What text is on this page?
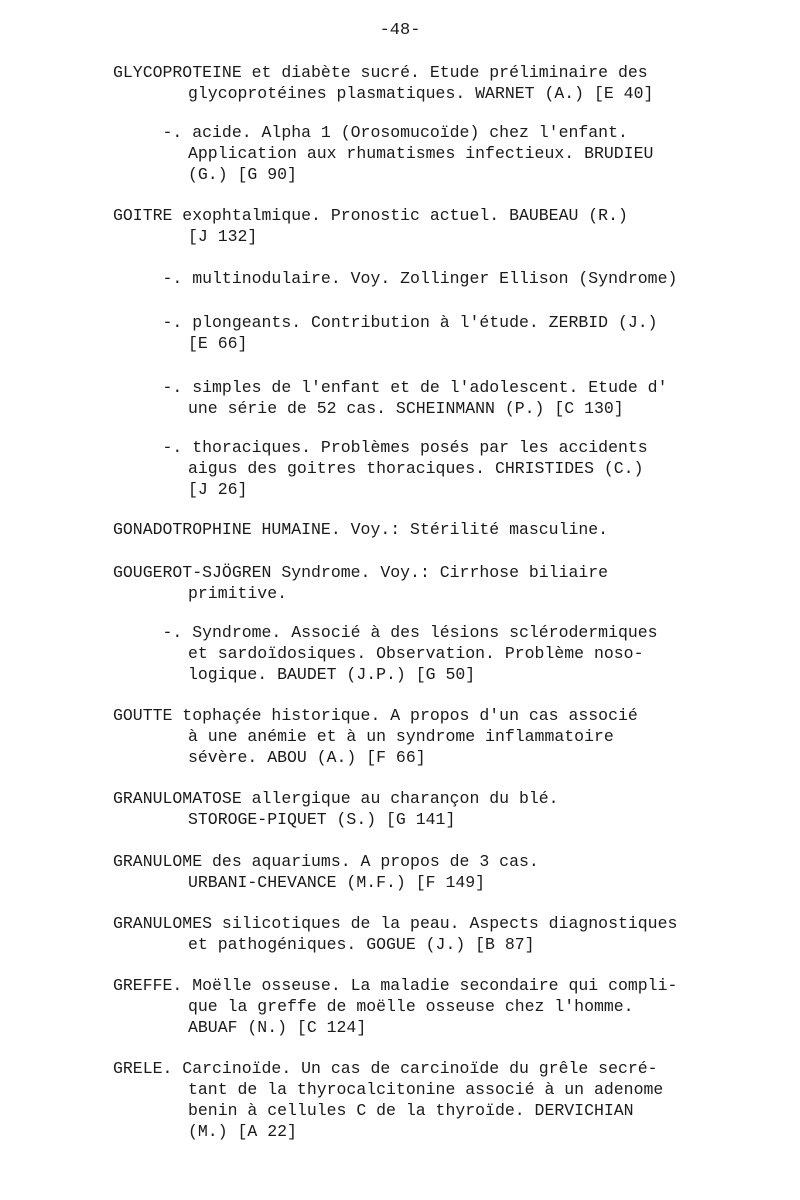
-48-
GLYCOPROTEINE et diabète sucré. Etude préliminaire des
glycoprotéines plasmatiques. WARNET (A.) [E 40]
-. acide. Alpha 1 (Orosomucoïde) chez l'enfant.
Application aux rhumatismes infectieux. BRUDIEU
(G.) [G 90]
GOITRE exophtalmique. Pronostic actuel. BAUBEAU (R.)
[J 132]
-. multinodulaire. Voy. Zollinger Ellison (Syndrome)
-. plongeants. Contribution à l'étude. ZERBID (J.)
[E 66]
-. simples de l'enfant et de l'adolescent. Etude d'
une série de 52 cas. SCHEINMANN (P.) [C 130]
-. thoraciques. Problèmes posés par les accidents
aigus des goitres thoraciques. CHRISTIDES (C.)
[J 26]
GONADOTROPHINE HUMAINE. Voy.: Stérilité masculine.
GOUGEROT-SJÖGREN Syndrome. Voy.: Cirrhose biliaire
primitive.
-. Syndrome. Associé à des lésions sclérodermiques
et sardoïdosiques. Observation. Problème noso-
logique. BAUDET (J.P.) [G 50]
GOUTTE tophaçée historique. A propos d'un cas associé
à une anémie et à un syndrome inflammatoire
sévère. ABOU (A.) [F 66]
GRANULOMATOSE allergique au charançon du blé.
STOROGE-PIQUET (S.) [G 141]
GRANULOME des aquariums. A propos de 3 cas.
URBANI-CHEVANCE (M.F.) [F 149]
GRANULOMES silicotiques de la peau. Aspects diagnostiques
et pathogéniques. GOGUE (J.) [B 87]
GREFFE. Moëlle osseuse. La maladie secondaire qui compli-
que la greffe de moëlle osseuse chez l'homme.
ABUAF (N.) [C 124]
GRELE. Carcinoïde. Un cas de carcinoïde du grêle secré-
tant de la thyrocalcitonine associé à un adenome
benin à cellules C de la thyroïde. DERVICHIAN
(M.) [A 22]
